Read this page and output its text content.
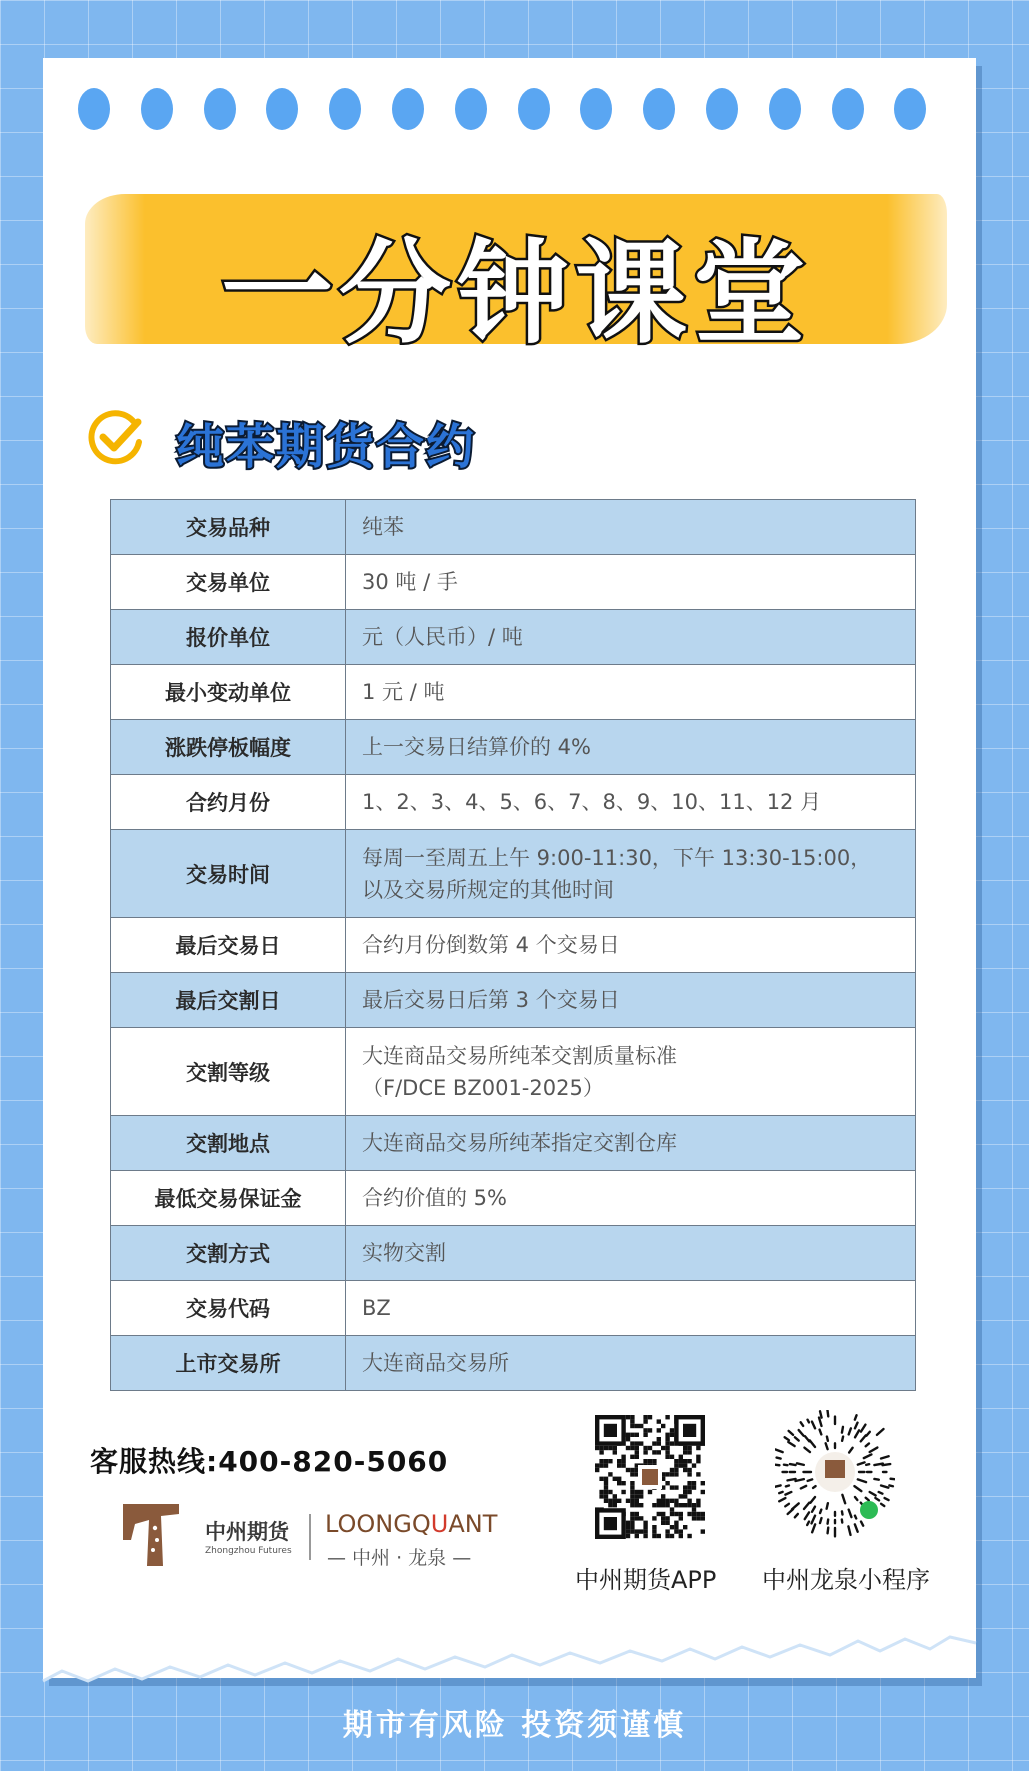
一分钟课堂
纯苯期货合约
交易品种	纯苯

交易单位	30 吨 / 手

报价单位	元（人民币）/ 吨

最小变动单位	1 元 / 吨

涨跌停板幅度	上一交易日结算价的 4%

合约月份	1、2、3、4、5、6、7、8、9、10、11、12 月

交易时间	每周一至周五上午 9:00-11:30，下午 13:30-15:00，
以及交易所规定的其他时间

最后交易日	合约月份倒数第 4 个交易日

最后交割日	最后交易日后第 3 个交易日

交割等级	大连商品交易所纯苯交割质量标准
（F/DCE BZ001-2025）

交割地点	大连商品交易所纯苯指定交割仓库

最低交易保证金	合约价值的 5%

交割方式	实物交割

交易代码	BZ

上市交易所	大连商品交易所
客服热线:400-820-5060
中州期货
Zhongzhou Futures
LOONGQUANT
— 中州 · 龙泉 —
中州期货APP 中州龙泉小程序
期市有风险 投资须谨慎
